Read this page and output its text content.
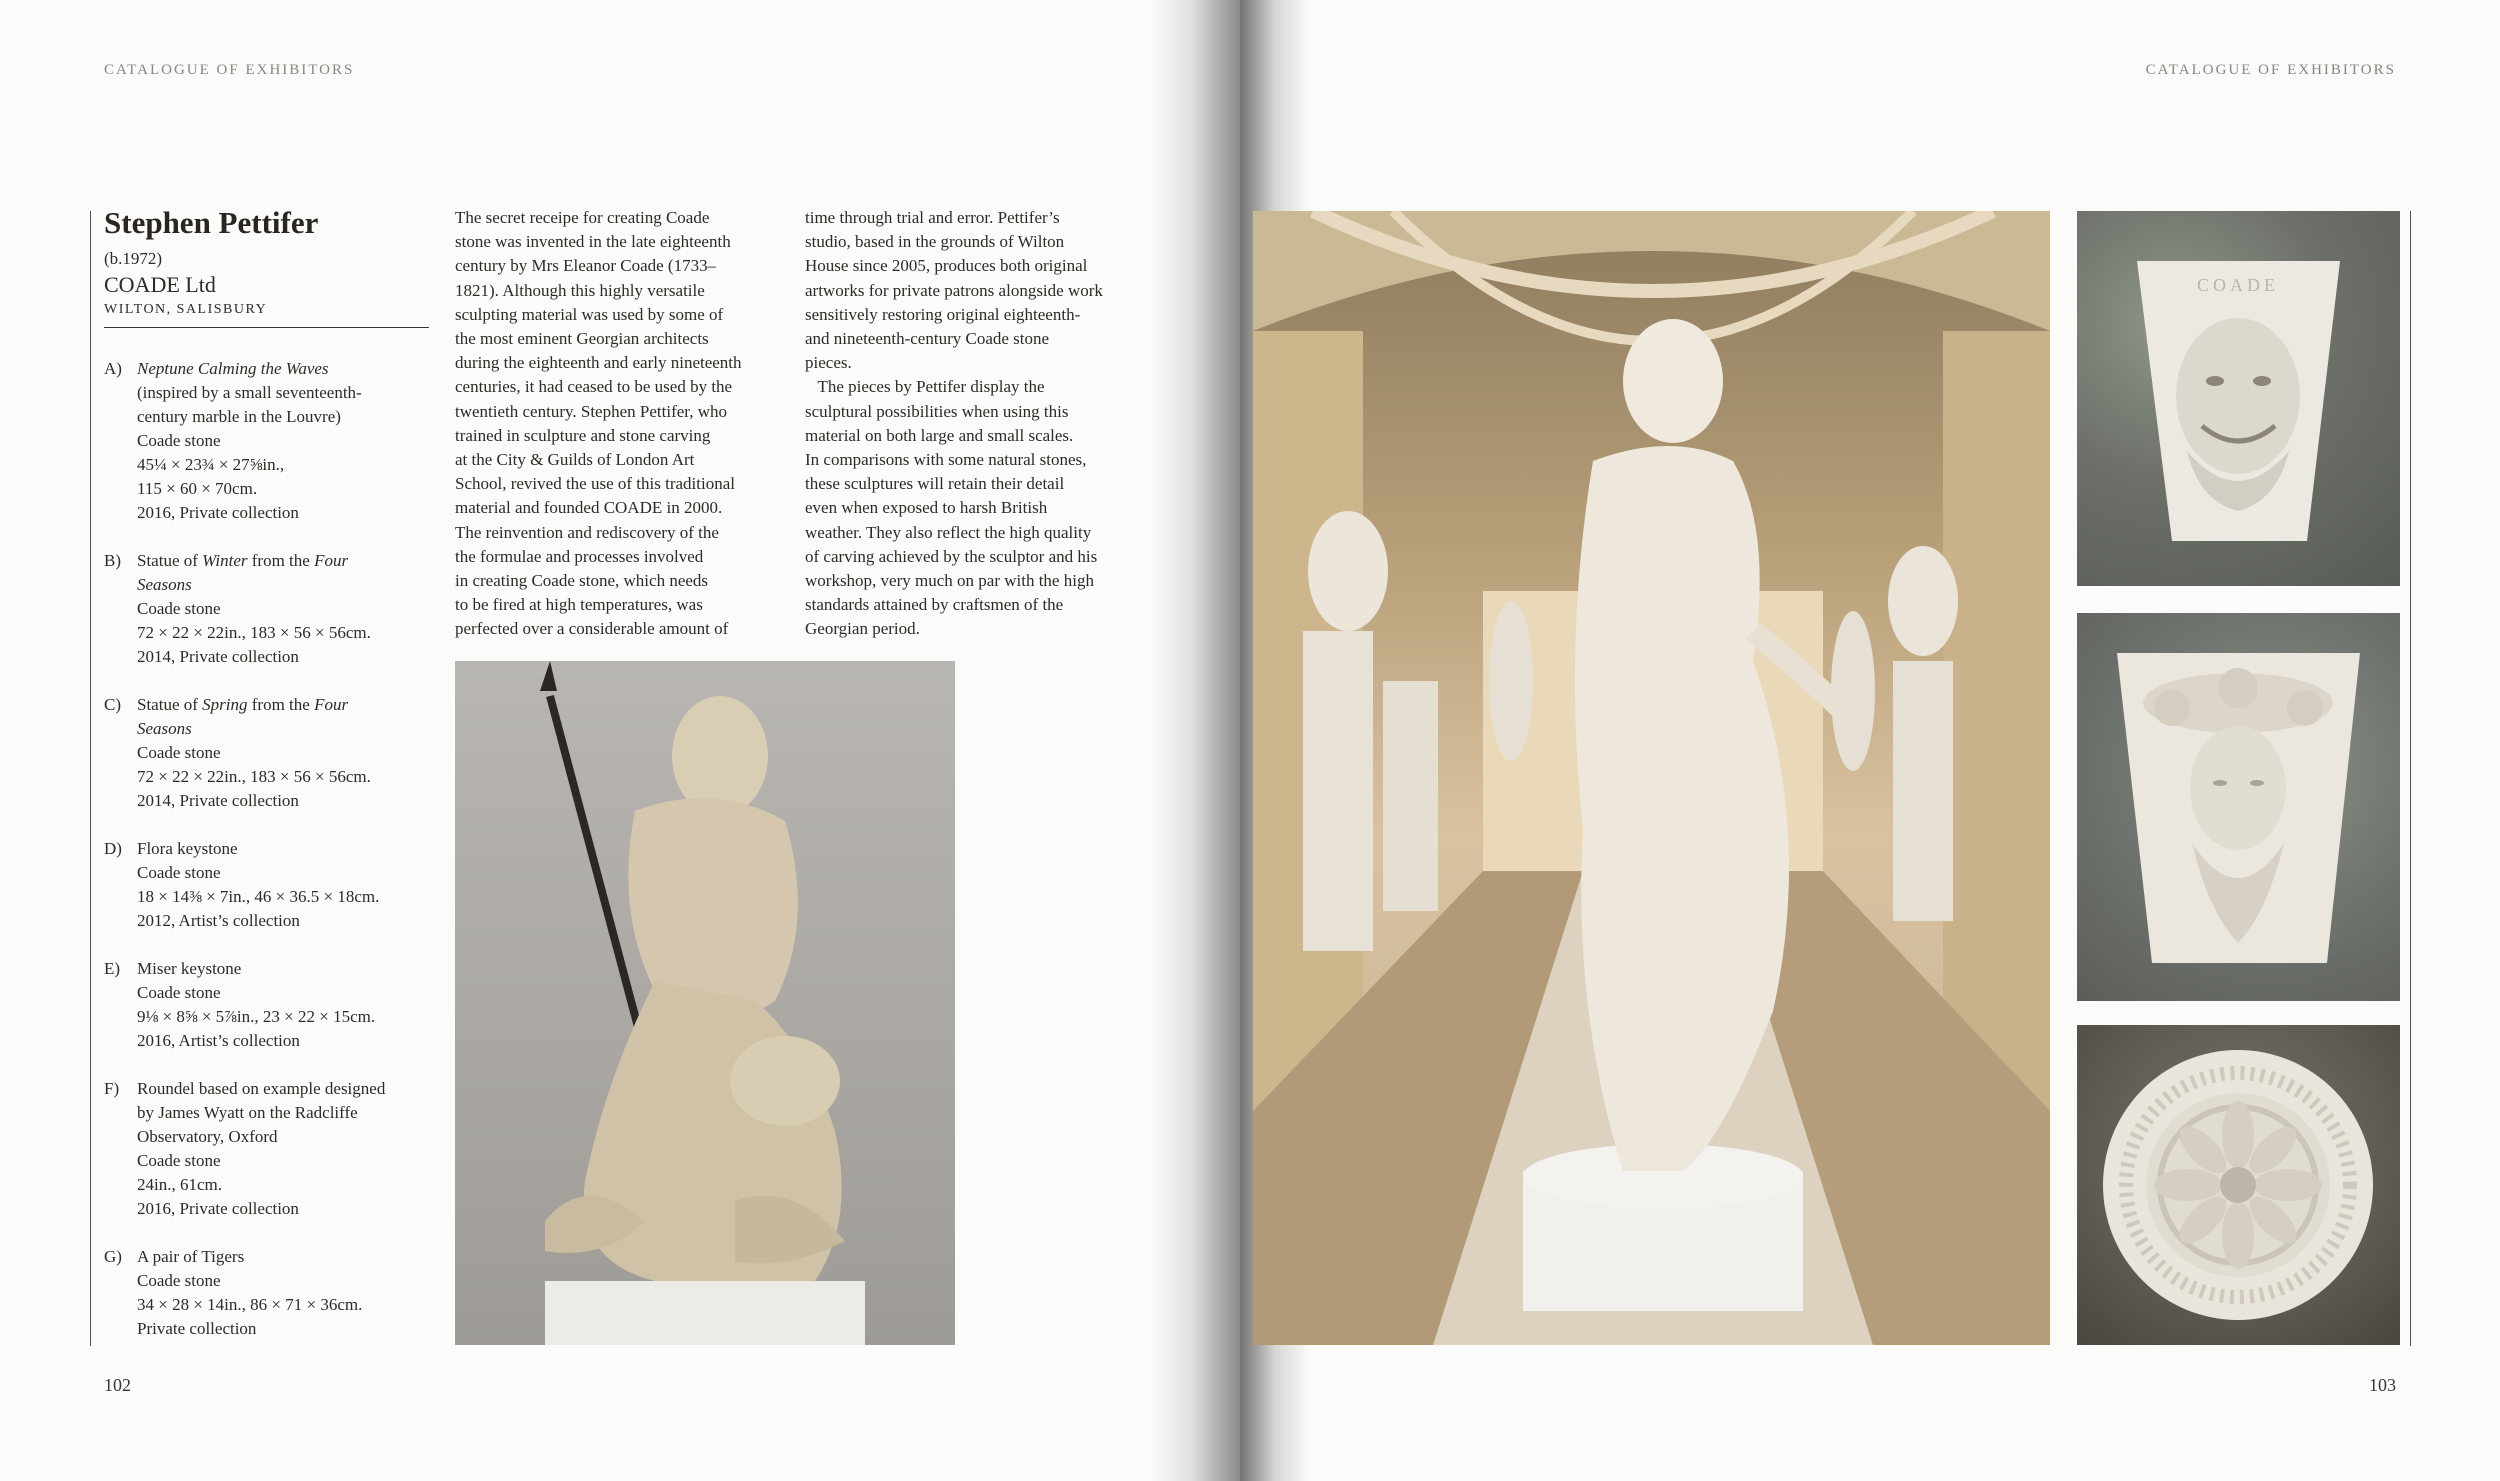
CATALOGUE OF EXHIBITORS	CATALOGUE OF EXHIBITORS
Stephen Pettifer
(b.1972)
COADE Ltd
WILTON, SALISBURY
A) Neptune Calming the Waves
(inspired by a small seventeenth-
century marble in the Louvre)
Coade stone
45¼ × 23¾ × 27⅝in.,
115 × 60 × 70cm.
2016, Private collection
B) Statue of Winter from the Four
Seasons
Coade stone
72 × 22 × 22in., 183 × 56 × 56cm.
2014, Private collection
C) Statue of Spring from the Four
Seasons
Coade stone
72 × 22 × 22in., 183 × 56 × 56cm.
2014, Private collection
D) Flora keystone
Coade stone
18 × 14⅜ × 7in., 46 × 36.5 × 18cm.
2012, Artist’s collection
E) Miser keystone
Coade stone
9⅛ × 8⅝ × 5⅞in., 23 × 22 × 15cm.
2016, Artist’s collection
F)	Roundel based on example designed
by James Wyatt on the Radcliffe
Observatory, Oxford
Coade stone
24in., 61cm.
2016, Private collection
G) A pair of Tigers
Coade stone
34 × 28 × 14in., 86 × 71 × 36cm.
Private collection
The secret receipe for creating Coade
stone was invented in the late eighteenth
century by Mrs Eleanor Coade (1733–
1821). Although this highly versatile
sculpting material was used by some of
the most eminent Georgian architects
during the eighteenth and early nineteenth
centuries, it had ceased to be used by the
twentieth century. Stephen Pettifer, who
trained in sculpture and stone carving
at the City & Guilds of London Art
School, revived the use of this traditional
material and founded COADE in 2000.
The reinvention and rediscovery of the
the formulae and processes involved
in creating Coade stone, which needs
to be fired at high temperatures, was
perfected over a considerable amount of
time through trial and error. Pettifer’s
studio, based in the grounds of Wilton
House since 2005, produces both original
artworks for private patrons alongside work
sensitively restoring original eighteenth-
and nineteenth-century Coade stone
pieces.
The pieces by Pettifer display the
sculptural possibilities when using this
material on both large and small scales.
In comparisons with some natural stones,
these sculptures will retain their detail
even when exposed to harsh British
weather. They also reflect the high quality
of carving achieved by the sculptor and his
workshop, very much on par with the high
standards attained by craftsmen of the
Georgian period.
COADE
102	103
